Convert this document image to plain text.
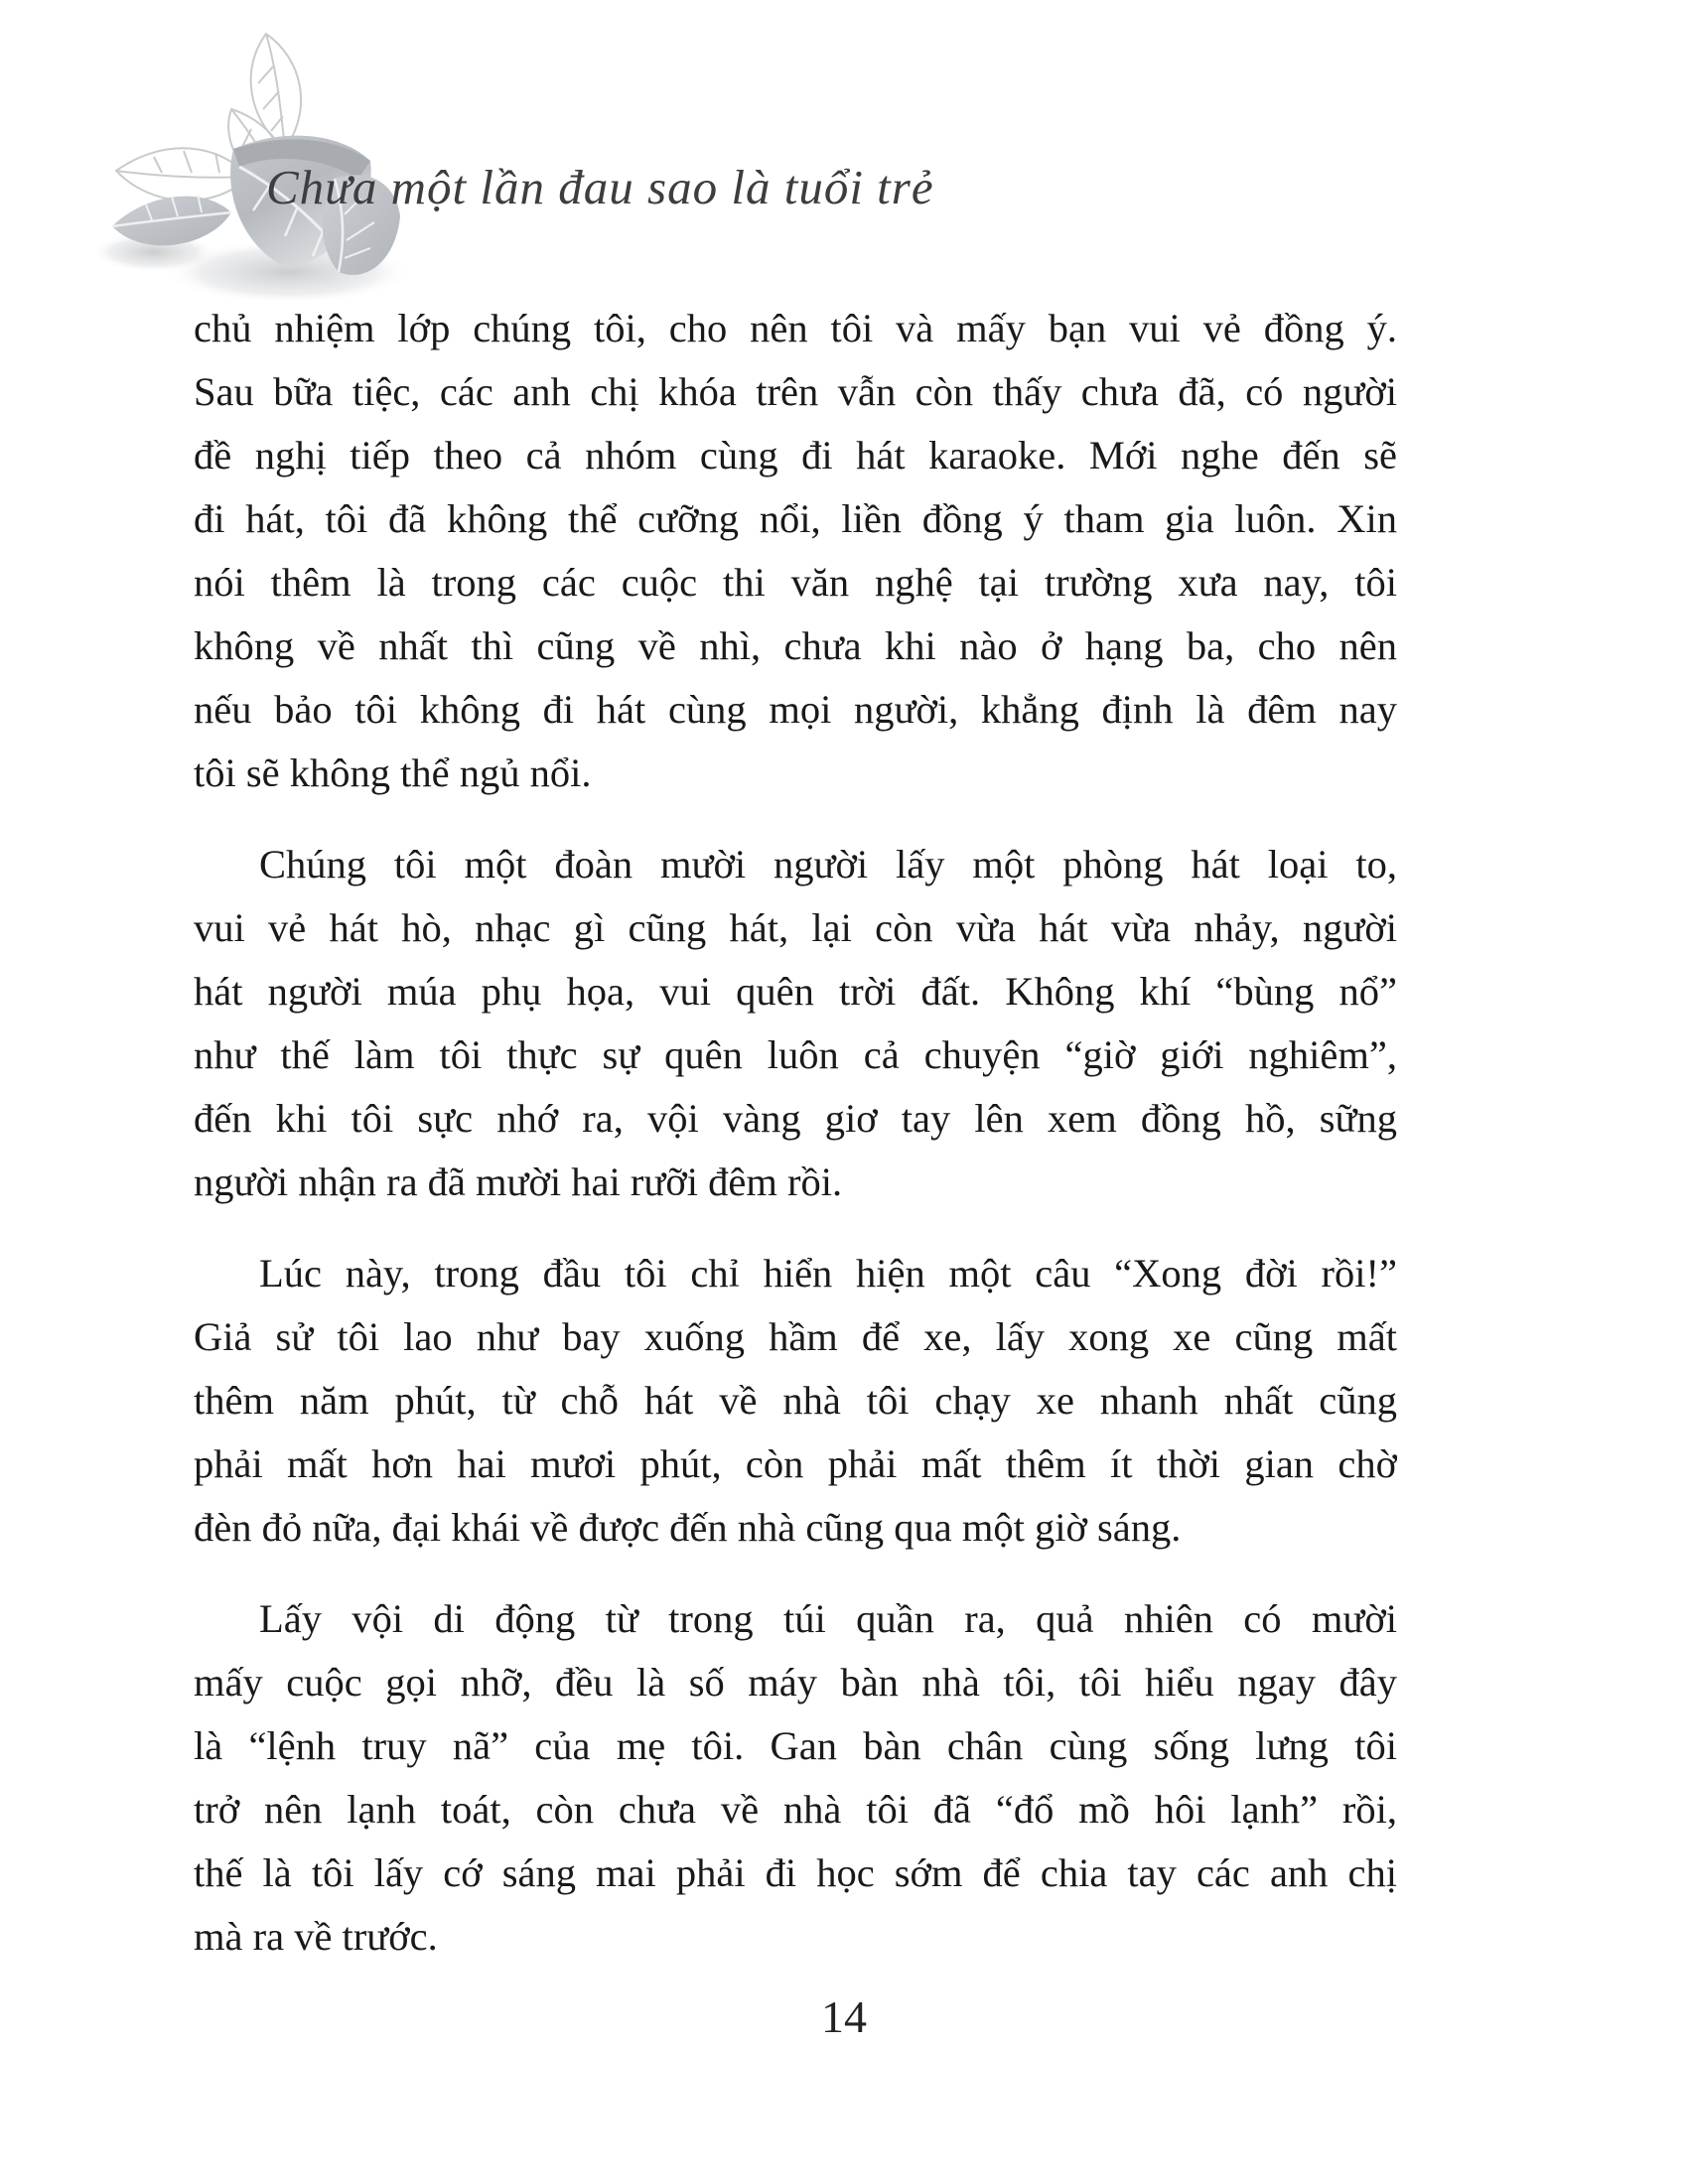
Chưa một lần đau sao là tuổi trẻ
chủ nhiệm lớp chúng tôi, cho nên tôi và mấy bạn vui vẻ đồng ý.
Sau bữa tiệc, các anh chị khóa trên vẫn còn thấy chưa đã, có người
đề nghị tiếp theo cả nhóm cùng đi hát karaoke. Mới nghe đến sẽ
đi hát, tôi đã không thể cưỡng nổi, liền đồng ý tham gia luôn. Xin
nói thêm là trong các cuộc thi văn nghệ tại trường xưa nay, tôi
không về nhất thì cũng về nhì, chưa khi nào ở hạng ba, cho nên
nếu bảo tôi không đi hát cùng mọi người, khẳng định là đêm nay
tôi sẽ không thể ngủ nổi.
Chúng tôi một đoàn mười người lấy một phòng hát loại to,
vui vẻ hát hò, nhạc gì cũng hát, lại còn vừa hát vừa nhảy, người
hát người múa phụ họa, vui quên trời đất. Không khí “bùng nổ”
như thế làm tôi thực sự quên luôn cả chuyện “giờ giới nghiêm”,
đến khi tôi sực nhớ ra, vội vàng giơ tay lên xem đồng hồ, sững
người nhận ra đã mười hai rưỡi đêm rồi.
Lúc này, trong đầu tôi chỉ hiển hiện một câu “Xong đời rồi!”
Giả sử tôi lao như bay xuống hầm để xe, lấy xong xe cũng mất
thêm năm phút, từ chỗ hát về nhà tôi chạy xe nhanh nhất cũng
phải mất hơn hai mươi phút, còn phải mất thêm ít thời gian chờ
đèn đỏ nữa, đại khái về được đến nhà cũng qua một giờ sáng.
Lấy vội di động từ trong túi quần ra, quả nhiên có mười
mấy cuộc gọi nhỡ, đều là số máy bàn nhà tôi, tôi hiểu ngay đây
là “lệnh truy nã” của mẹ tôi. Gan bàn chân cùng sống lưng tôi
trở nên lạnh toát, còn chưa về nhà tôi đã “đổ mồ hôi lạnh” rồi,
thế là tôi lấy cớ sáng mai phải đi học sớm để chia tay các anh chị
mà ra về trước.
14
